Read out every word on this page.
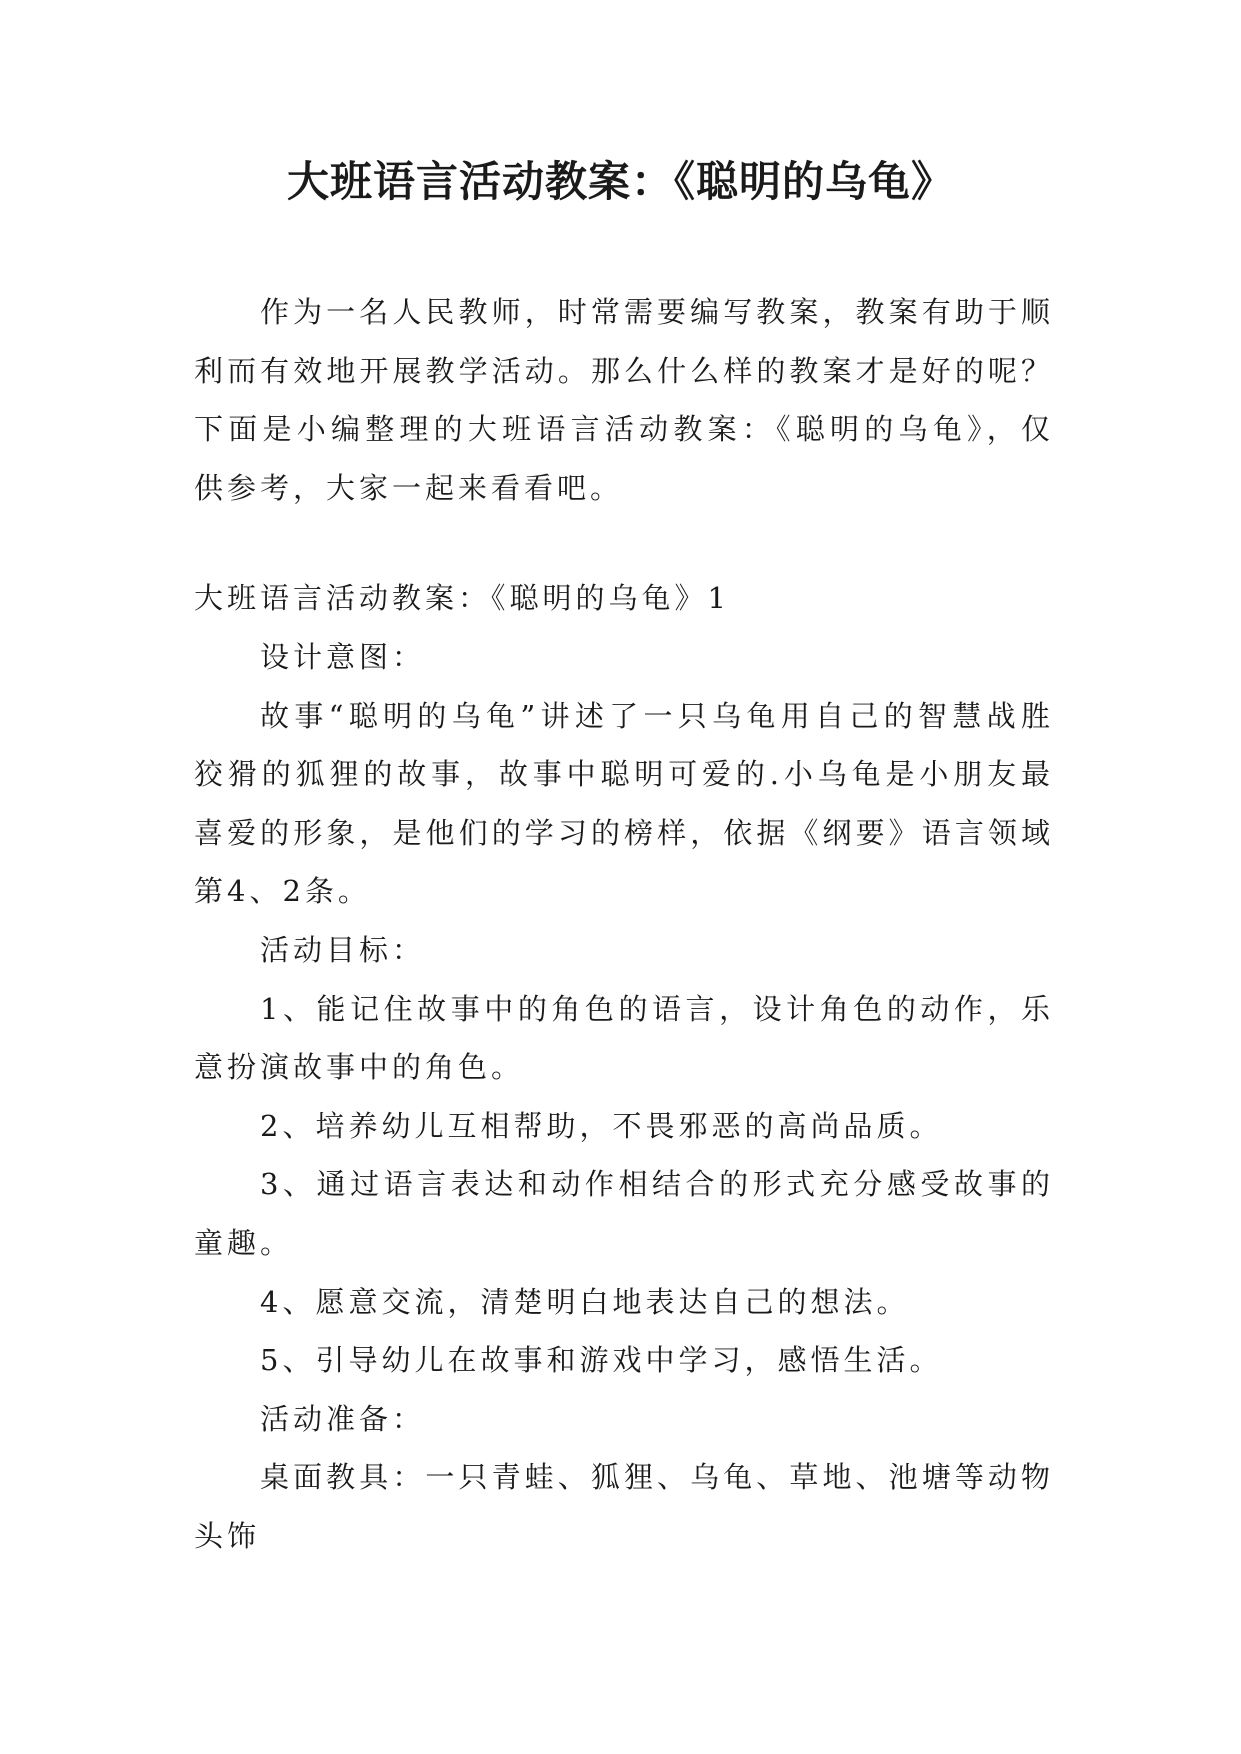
大班语言活动教案：《聪明的乌龟》

作为一名人民教师，时常需要编写教案，教案有助于顺利而有效地开展教学活动。那么什么样的教案才是好的呢？下面是小编整理的大班语言活动教案：《聪明的乌龟》，仅供参考，大家一起来看看吧。

大班语言活动教案：《聪明的乌龟》1

设计意图：

故事“聪明的乌龟”讲述了一只乌龟用自己的智慧战胜狡猾的狐狸的故事，故事中聪明可爱的.小乌龟是小朋友最喜爱的形象，是他们的学习的榜样，依据《纲要》语言领域第4、2条。

活动目标：

1、能记住故事中的角色的语言，设计角色的动作，乐意扮演故事中的角色。

2、培养幼儿互相帮助，不畏邪恶的高尚品质。

3、通过语言表达和动作相结合的形式充分感受故事的童趣。

4、愿意交流，清楚明白地表达自己的想法。

5、引导幼儿在故事和游戏中学习，感悟生活。

活动准备：

桌面教具：一只青蛙、狐狸、乌龟、草地、池塘等动物头饰
